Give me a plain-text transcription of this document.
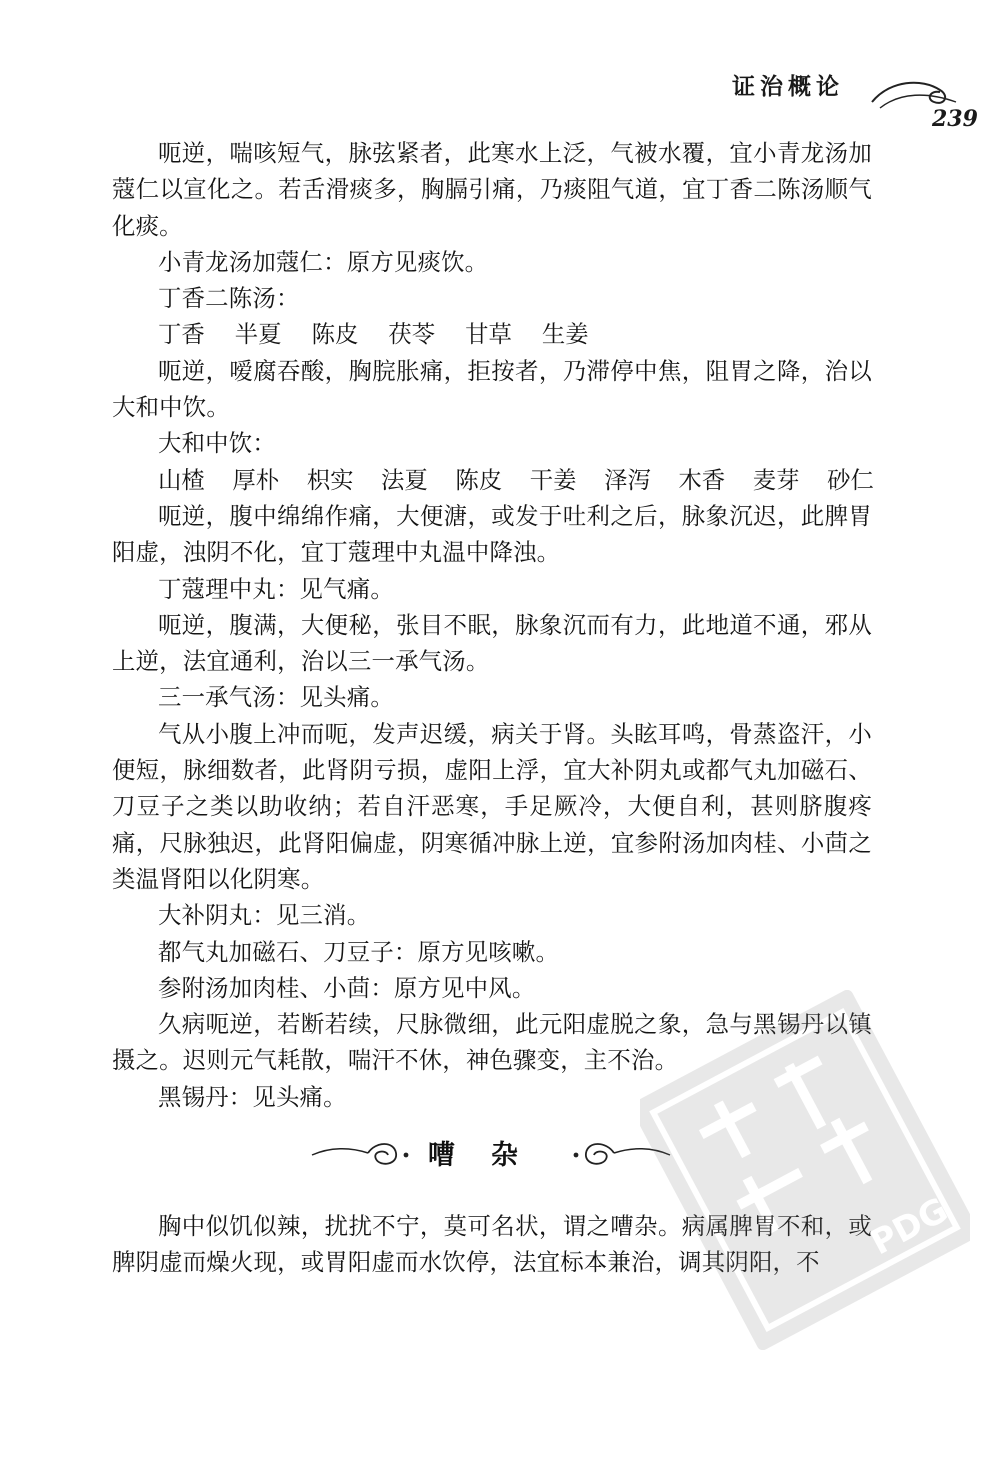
证治概论
239

呃逆，喘咳短气，脉弦紧者，此寒水上泛，气被水覆，宜小青龙汤加蔻仁以宣化之。若舌滑痰多，胸膈引痛，乃痰阻气道，宜丁香二陈汤顺气化痰。

小青龙汤加蔻仁：原方见痰饮。

丁香二陈汤：

丁香 半夏 陈皮 茯苓 甘草 生姜

呃逆，嗳腐吞酸，胸脘胀痛，拒按者，乃滞停中焦，阻胃之降，治以大和中饮。

大和中饮：

山楂 厚朴 枳实 法夏 陈皮 干姜 泽泻 木香 麦芽 砂仁

呃逆，腹中绵绵作痛，大便溏，或发于吐利之后，脉象沉迟，此脾胃阳虚，浊阴不化，宜丁蔻理中丸温中降浊。

丁蔻理中丸：见气痛。

呃逆，腹满，大便秘，张目不眠，脉象沉而有力，此地道不通，邪从上逆，法宜通利，治以三一承气汤。

三一承气汤：见头痛。

气从小腹上冲而呃，发声迟缓，病关于肾。头眩耳鸣，骨蒸盗汗，小便短，脉细数者，此肾阴亏损，虚阳上浮，宜大补阴丸或都气丸加磁石、刀豆子之类以助收纳；若自汗恶寒，手足厥冷，大便自利，甚则脐腹疼痛，尺脉独迟，此肾阳偏虚，阴寒循冲脉上逆，宜参附汤加肉桂、小茴之类温肾阳以化阴寒。

大补阴丸：见三消。

都气丸加磁石、刀豆子：原方见咳嗽。

参附汤加肉桂、小茴：原方见中风。

久病呃逆，若断若续，尺脉微细，此元阳虚脱之象，急与黑锡丹以镇摄之。迟则元气耗散，喘汗不休，神色骤变，主不治。

黑锡丹：见头痛。

嘈杂

胸中似饥似辣，扰扰不宁，莫可名状，谓之嘈杂。病属脾胃不和，或脾阴虚而燥火现，或胃阳虚而水饮停，法宜标本兼治，调其阴阳，不	PDG
